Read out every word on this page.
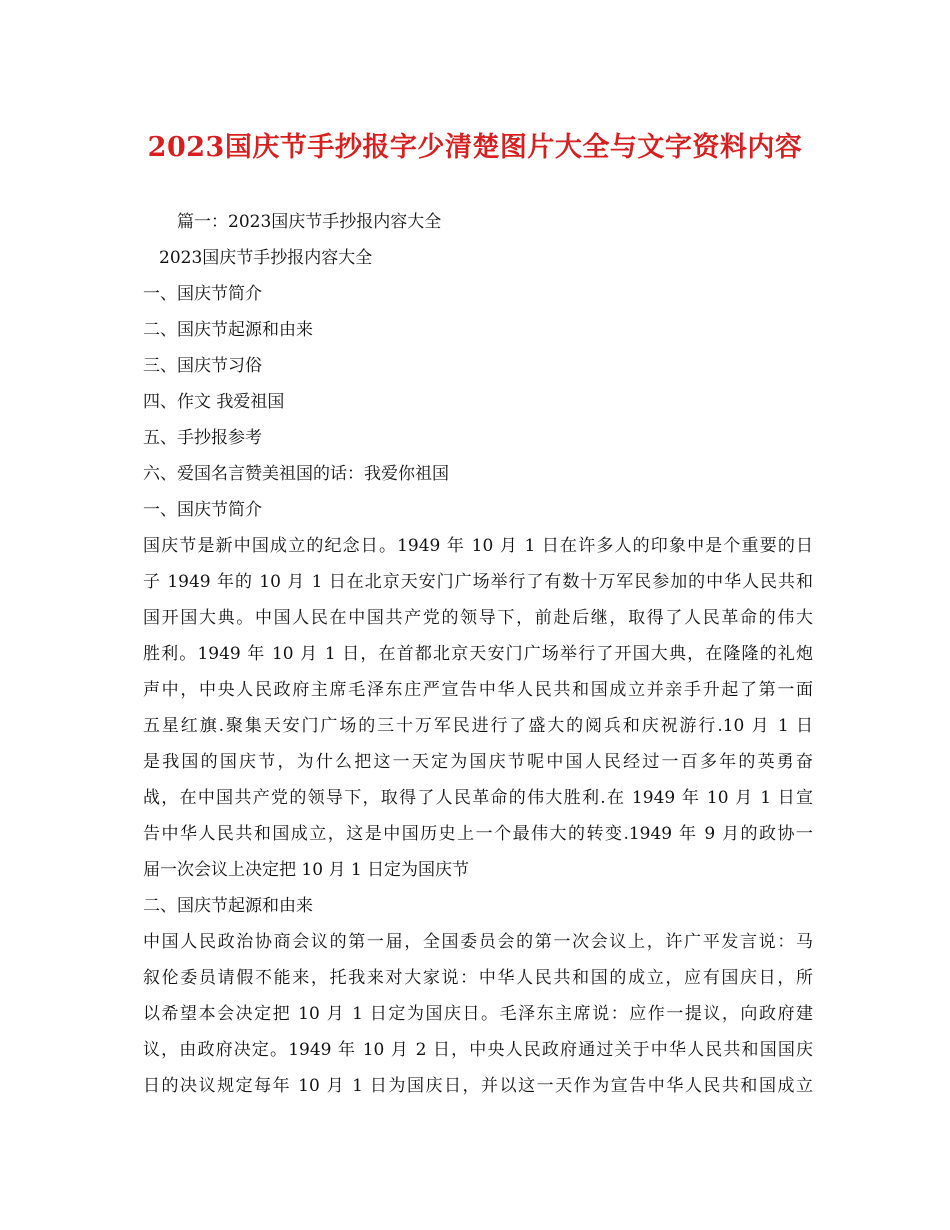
2023国庆节手抄报字少清楚图片大全与文字资料内容
篇一：2023国庆节手抄报内容大全
2023国庆节手抄报内容大全
一、国庆节简介
二、国庆节起源和由来
三、国庆节习俗
四、作文 我爱祖国
五、手抄报参考
六、爱国名言赞美祖国的话：我爱你祖国
一、国庆节简介
国庆节是新中国成立的纪念日。1949 年 10 月 1 日在许多人的印象中是个重要的日
子 1949 年的 10 月 1 日在北京天安门广场举行了有数十万军民参加的中华人民共和
国开国大典。中国人民在中国共产党的领导下，前赴后继，取得了人民革命的伟大
胜利。1949 年 10 月 1 日，在首都北京天安门广场举行了开国大典，在隆隆的礼炮
声中，中央人民政府主席毛泽东庄严宣告中华人民共和国成立并亲手升起了第一面
五星红旗.聚集天安门广场的三十万军民进行了盛大的阅兵和庆祝游行.10 月 1 日
是我国的国庆节，为什么把这一天定为国庆节呢中国人民经过一百多年的英勇奋
战，在中国共产党的领导下，取得了人民革命的伟大胜利.在 1949 年 10 月 1 日宣
告中华人民共和国成立，这是中国历史上一个最伟大的转变.1949 年 9 月的政协一
届一次会议上决定把 10 月 1 日定为国庆节
二、国庆节起源和由来
中国人民政治协商会议的第一届，全国委员会的第一次会议上，许广平发言说：马
叙伦委员请假不能来，托我来对大家说：中华人民共和国的成立，应有国庆日，所
以希望本会决定把 10 月 1 日定为国庆日。毛泽东主席说：应作一提议，向政府建
议，由政府决定。1949 年 10 月 2 日，中央人民政府通过关于中华人民共和国国庆
日的决议规定每年 10 月 1 日为国庆日，并以这一天作为宣告中华人民共和国成立
